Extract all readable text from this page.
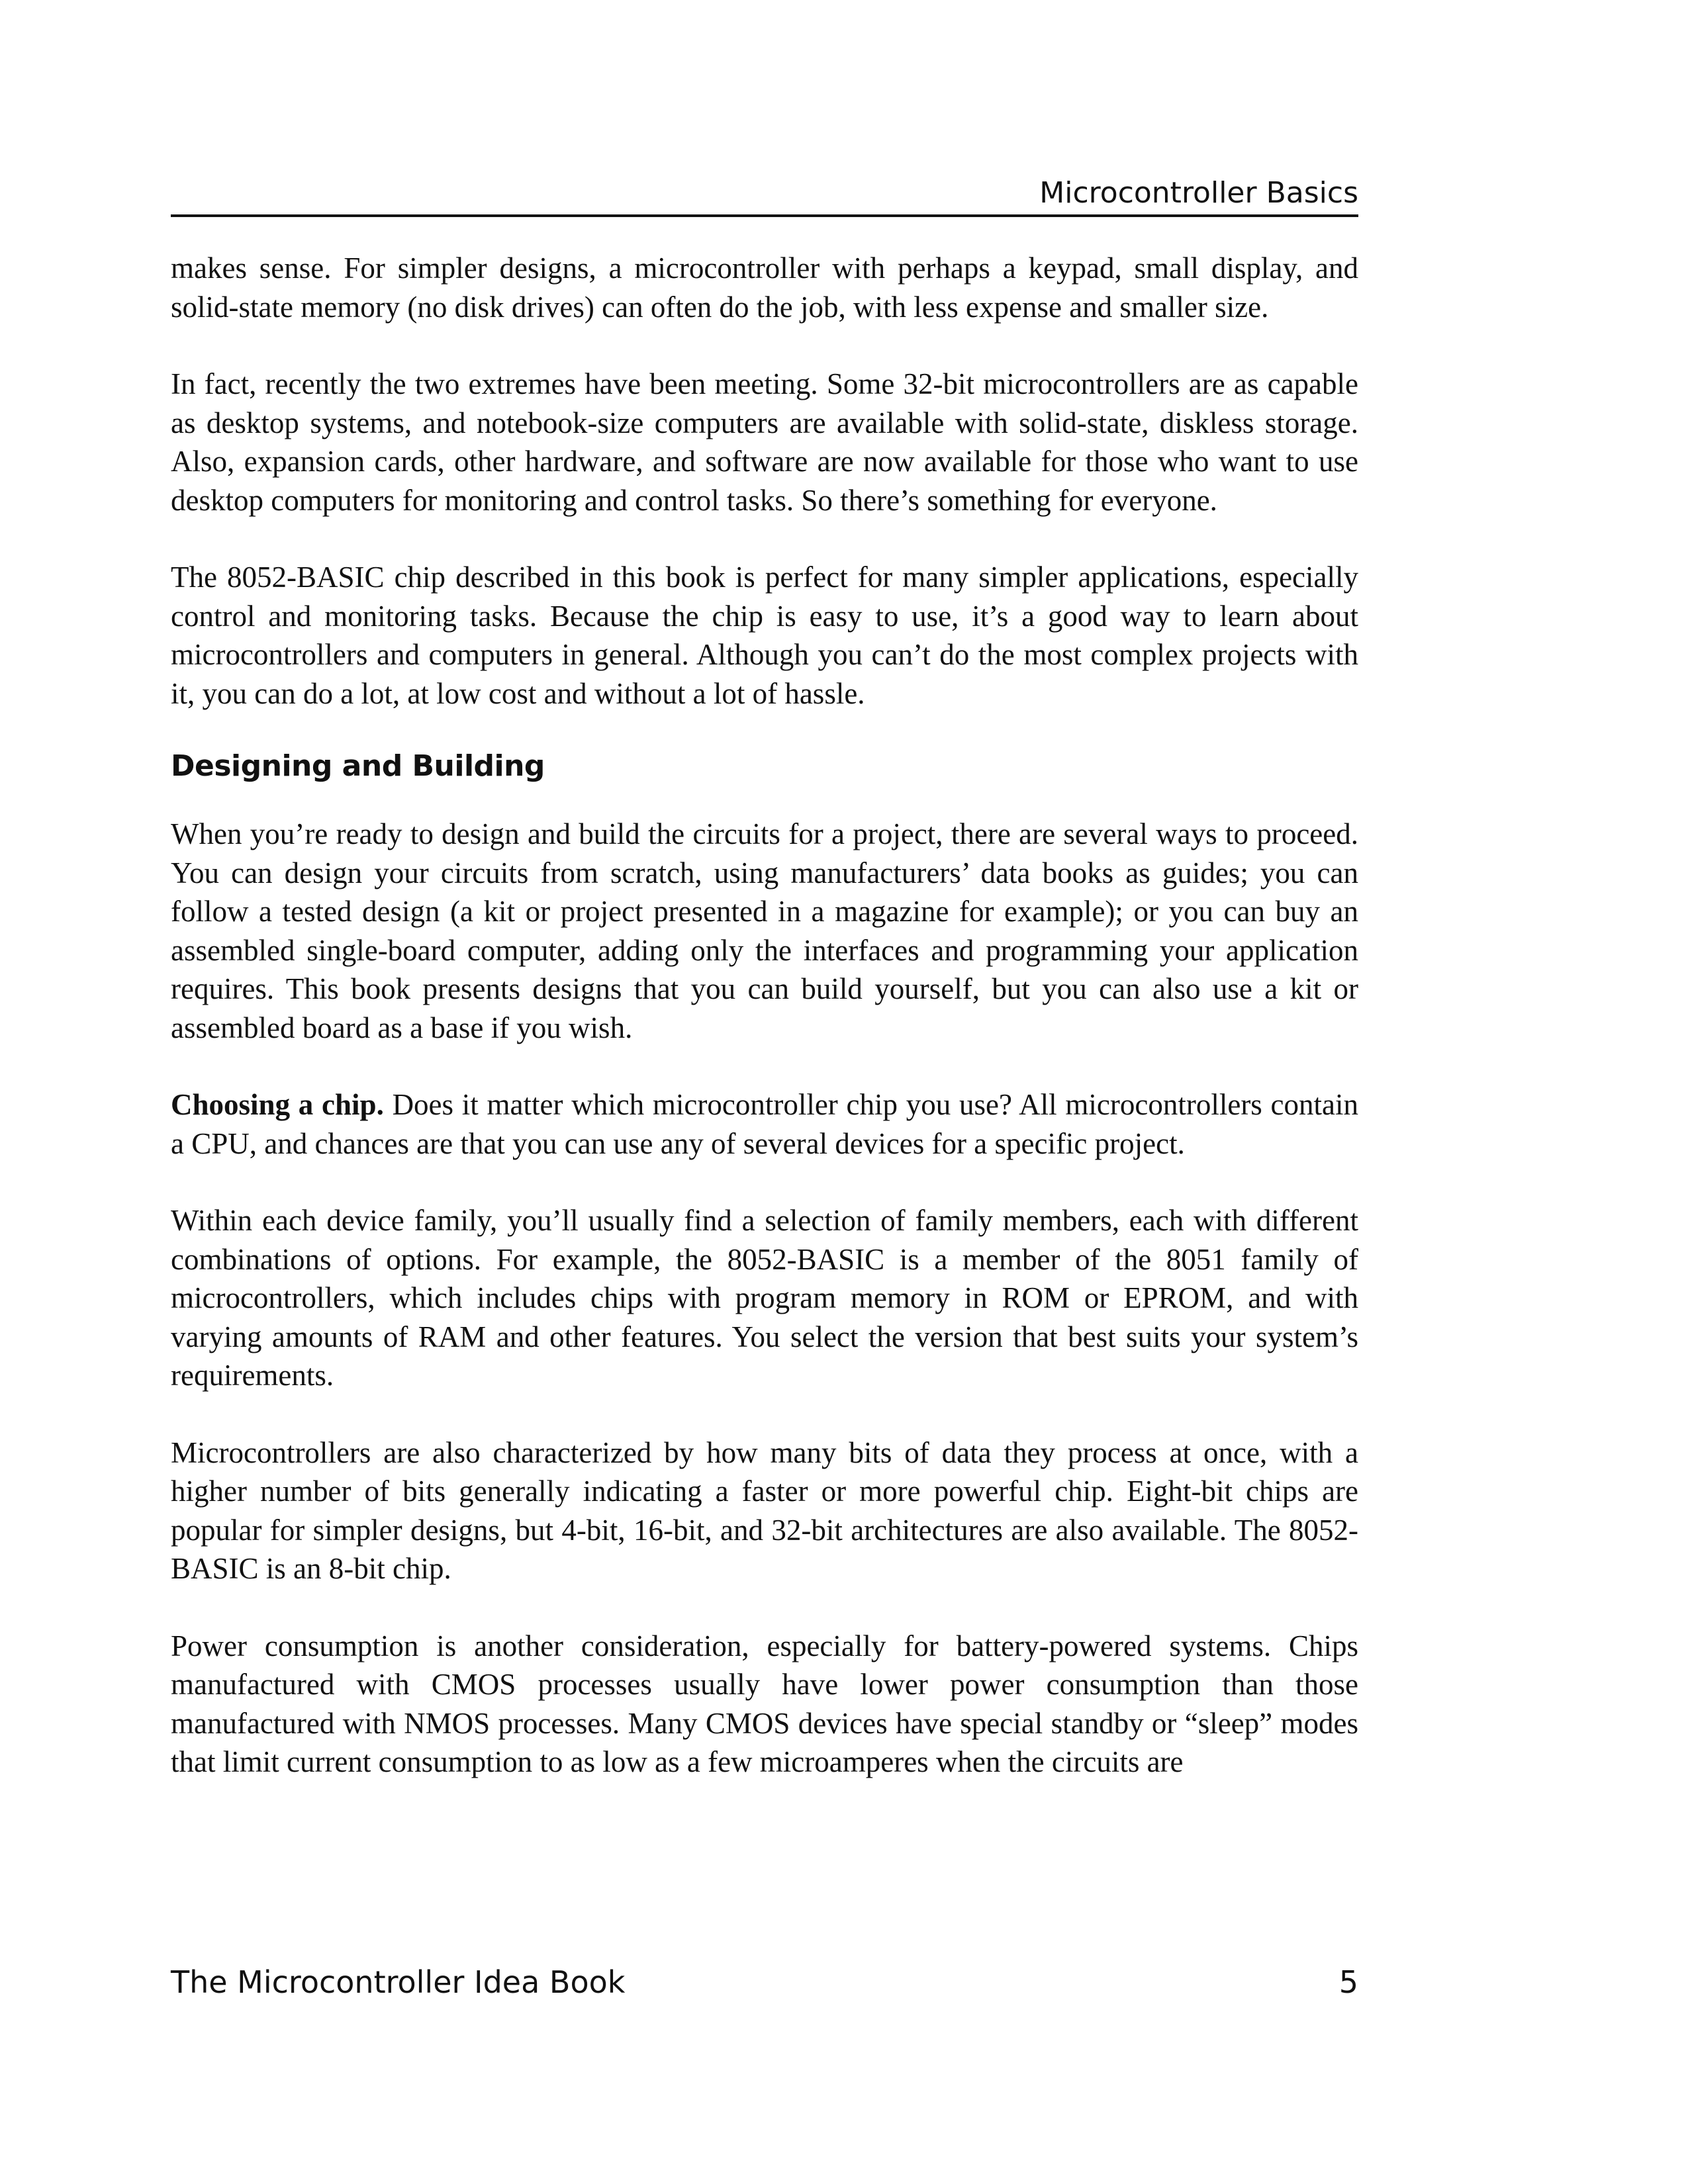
Microcontroller Basics

makes sense. For simpler designs, a microcontroller with perhaps a keypad, small display, and solid-state memory (no disk drives) can often do the job, with less expense and smaller size.

In fact, recently the two extremes have been meeting. Some 32-bit microcontrollers are as capable as desktop systems, and notebook-size computers are available with solid-state, diskless storage. Also, expansion cards, other hardware, and software are now available for those who want to use desktop computers for monitoring and control tasks. So there’s something for everyone.

The 8052-BASIC chip described in this book is perfect for many simpler applications, especially control and monitoring tasks. Because the chip is easy to use, it’s a good way to learn about microcontrollers and computers in general. Although you can’t do the most complex projects with it, you can do a lot, at low cost and without a lot of hassle.

Designing and Building

When you’re ready to design and build the circuits for a project, there are several ways to proceed. You can design your circuits from scratch, using manufacturers’ data books as guides; you can follow a tested design (a kit or project presented in a magazine for example); or you can buy an assembled single-board computer, adding only the interfaces and programming your application requires. This book presents designs that you can build yourself, but you can also use a kit or assembled board as a base if you wish.

Choosing a chip. Does it matter which microcontroller chip you use? All microcontrollers contain a CPU, and chances are that you can use any of several devices for a specific project.

Within each device family, you’ll usually find a selection of family members, each with different combinations of options. For example, the 8052-BASIC is a member of the 8051 family of microcontrollers, which includes chips with program memory in ROM or EPROM, and with varying amounts of RAM and other features. You select the version that best suits your system’s requirements.

Microcontrollers are also characterized by how many bits of data they process at once, with a higher number of bits generally indicating a faster or more powerful chip. Eight-bit chips are popular for simpler designs, but 4-bit, 16-bit, and 32-bit architectures are also available. The 8052-BASIC is an 8-bit chip.

Power consumption is another consideration, especially for battery-powered systems. Chips manufactured with CMOS processes usually have lower power consumption than those manufactured with NMOS processes. Many CMOS devices have special standby or “sleep” modes that limit current consumption to as low as a few microamperes when the circuits are

The Microcontroller Idea Book	5
